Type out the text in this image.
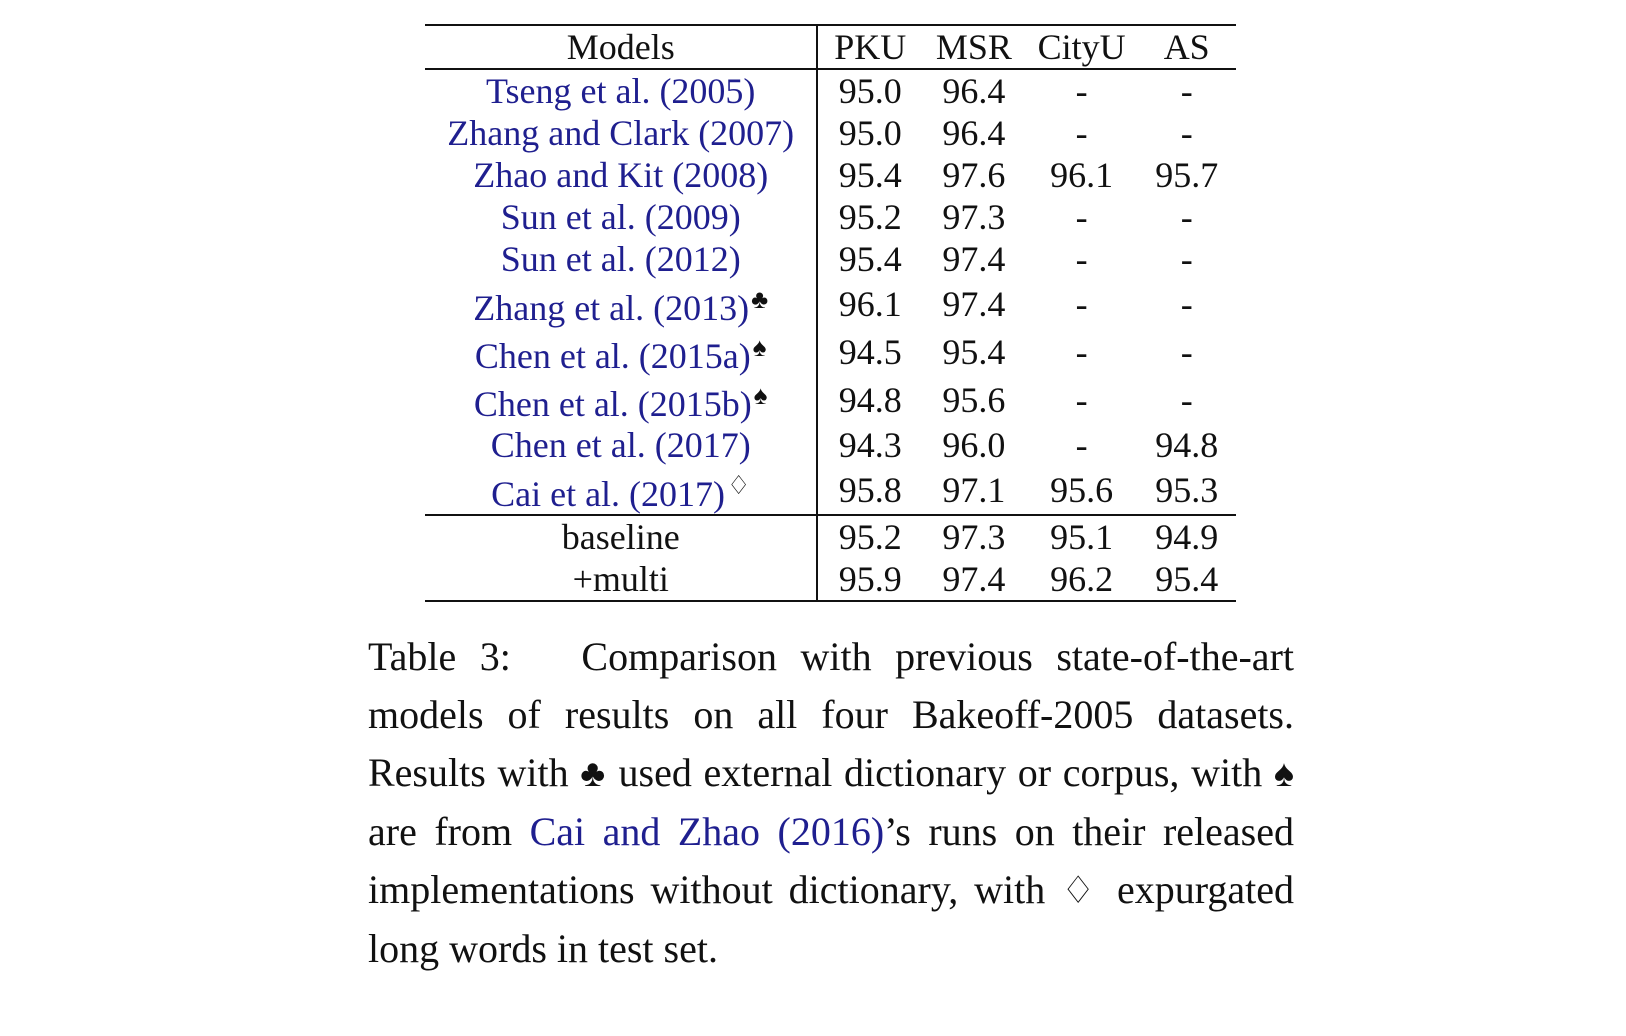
Models	PKU	MSR	CityU	AS
Tseng et al. (2005)	95.0	96.4	-	-
Zhang and Clark (2007)	95.0	96.4	-	-
Zhao and Kit (2008)	95.4	97.6	96.1	95.7
Sun et al. (2009)	95.2	97.3	-	-
Sun et al. (2012)	95.4	97.4	-	-
Zhang et al. (2013)♣	96.1	97.4	-	-
Chen et al. (2015a)♠	94.5	95.4	-	-
Chen et al. (2015b)♠	94.8	95.6	-	-
Chen et al. (2017)	94.3	96.0	-	94.8
Cai et al. (2017)♢	95.8	97.1	95.6	95.3
baseline	95.2	97.3	95.1	94.9
+multi	95.9	97.4	96.2	95.4
Table 3: Comparison with previous state-of-the-art models of results on all four Bakeoff-2005 datasets. Results with ♣ used external dictionary or corpus, with ♠ are from Cai and Zhao (2016)’s runs on their released implementations without dictionary, with ♢ expurgated long words in test set.
